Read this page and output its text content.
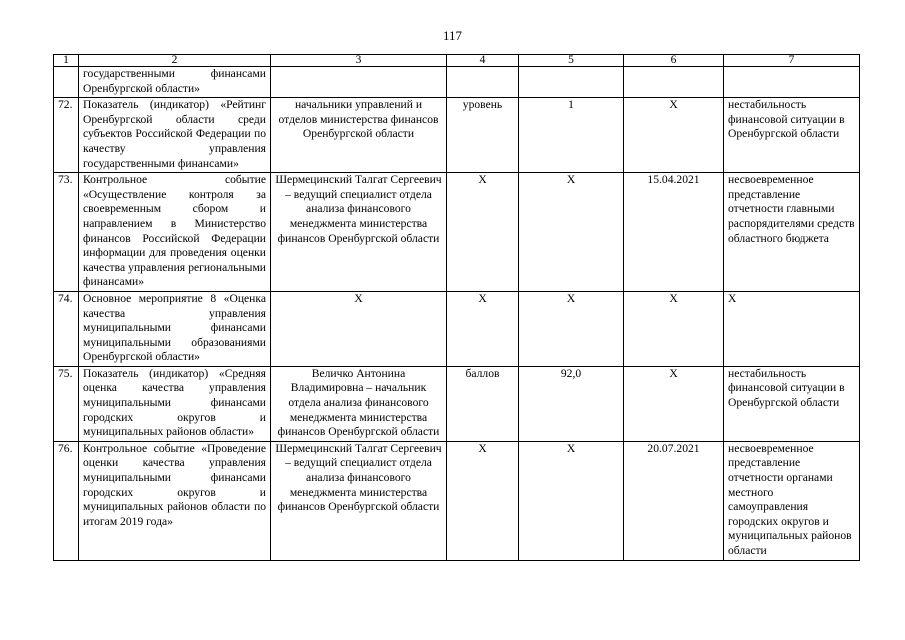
117
1	2	3	4	5	6	7
	государственными финансами Оренбургской области»					
72.	Показатель (индикатор) «Рейтинг Оренбургской области среди субъектов Российской Федерации по качеству управления государственными финансами»	начальники управлений и отделов министерства финансов Оренбургской области	уровень	1	Х	нестабильность финансовой ситуации в Оренбургской области
73.	Контрольное событие «Осуществление контроля за своевременным сбором и направлением в Министерство финансов Российской Федерации информации для проведения оценки качества управления региональными финансами»	Шермецинский Талгат Сергеевич – ведущий специалист отдела анализа финансового менеджмента министерства финансов Оренбургской области	Х	Х	15.04.2021	несвоевременное представление отчетности главными распорядителями средств областного бюджета
74.	Основное мероприятие 8 «Оценка качества управления муниципальными финансами муниципальными образованиями Оренбургской области»	Х	Х	Х	Х	Х
75.	Показатель (индикатор) «Средняя оценка качества управления муниципальными финансами городских округов и муниципальных районов области»	Величко Антонина Владимировна – начальник отдела анализа финансового менеджмента министерства финансов Оренбургской области	баллов	92,0	Х	нестабильность финансовой ситуации в Оренбургской области
76.	Контрольное событие «Проведение оценки качества управления муниципальными финансами городских округов и муниципальных районов области по итогам 2019 года»	Шермецинский Талгат Сергеевич – ведущий специалист отдела анализа финансового менеджмента министерства финансов Оренбургской области	Х	Х	20.07.2021	несвоевременное представление отчетности органами местного самоуправления городских округов и муниципальных районов области
